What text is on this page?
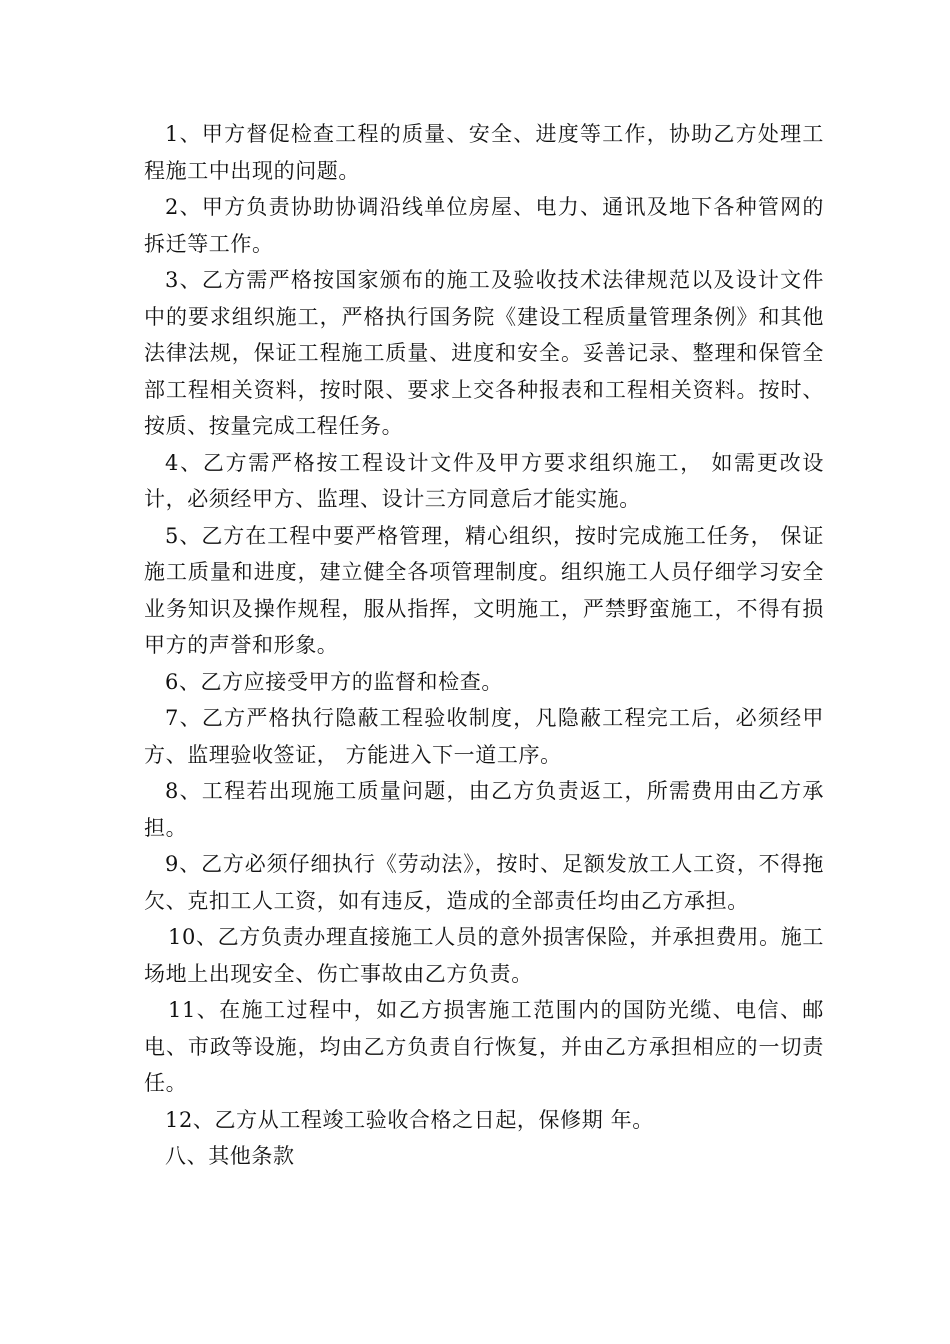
1、甲方督促检查工程的质量、安全、进度等工作，协助乙方处理工程施工中出现的问题。

2、甲方负责协助协调沿线单位房屋、电力、通讯及地下各种管网的拆迁等工作。

3、乙方需严格按国家颁布的施工及验收技术法律规范以及设计文件中的要求组织施工，严格执行国务院《建设工程质量管理条例》和其他法律法规，保证工程施工质量、进度和安全。妥善记录、整理和保管全部工程相关资料，按时限、要求上交各种报表和工程相关资料。按时、按质、按量完成工程任务。

4、乙方需严格按工程设计文件及甲方要求组织施工， 如需更改设计，必须经甲方、监理、设计三方同意后才能实施。

5、乙方在工程中要严格管理，精心组织，按时完成施工任务， 保证施工质量和进度，建立健全各项管理制度。组织施工人员仔细学习安全业务知识及操作规程，服从指挥，文明施工，严禁野蛮施工，不得有损甲方的声誉和形象。

6、乙方应接受甲方的监督和检查。

7、乙方严格执行隐蔽工程验收制度，凡隐蔽工程完工后，必须经甲方、监理验收签证， 方能进入下一道工序。

8、工程若出现施工质量问题，由乙方负责返工，所需费用由乙方承担。

9、乙方必须仔细执行《劳动法》，按时、足额发放工人工资，不得拖欠、克扣工人工资，如有违反，造成的全部责任均由乙方承担。

10、乙方负责办理直接施工人员的意外损害保险，并承担费用。施工场地上出现安全、伤亡事故由乙方负责。

11、在施工过程中，如乙方损害施工范围内的国防光缆、电信、邮电、市政等设施，均由乙方负责自行恢复，并由乙方承担相应的一切责任。

12、乙方从工程竣工验收合格之日起，保修期 年。

八、其他条款
